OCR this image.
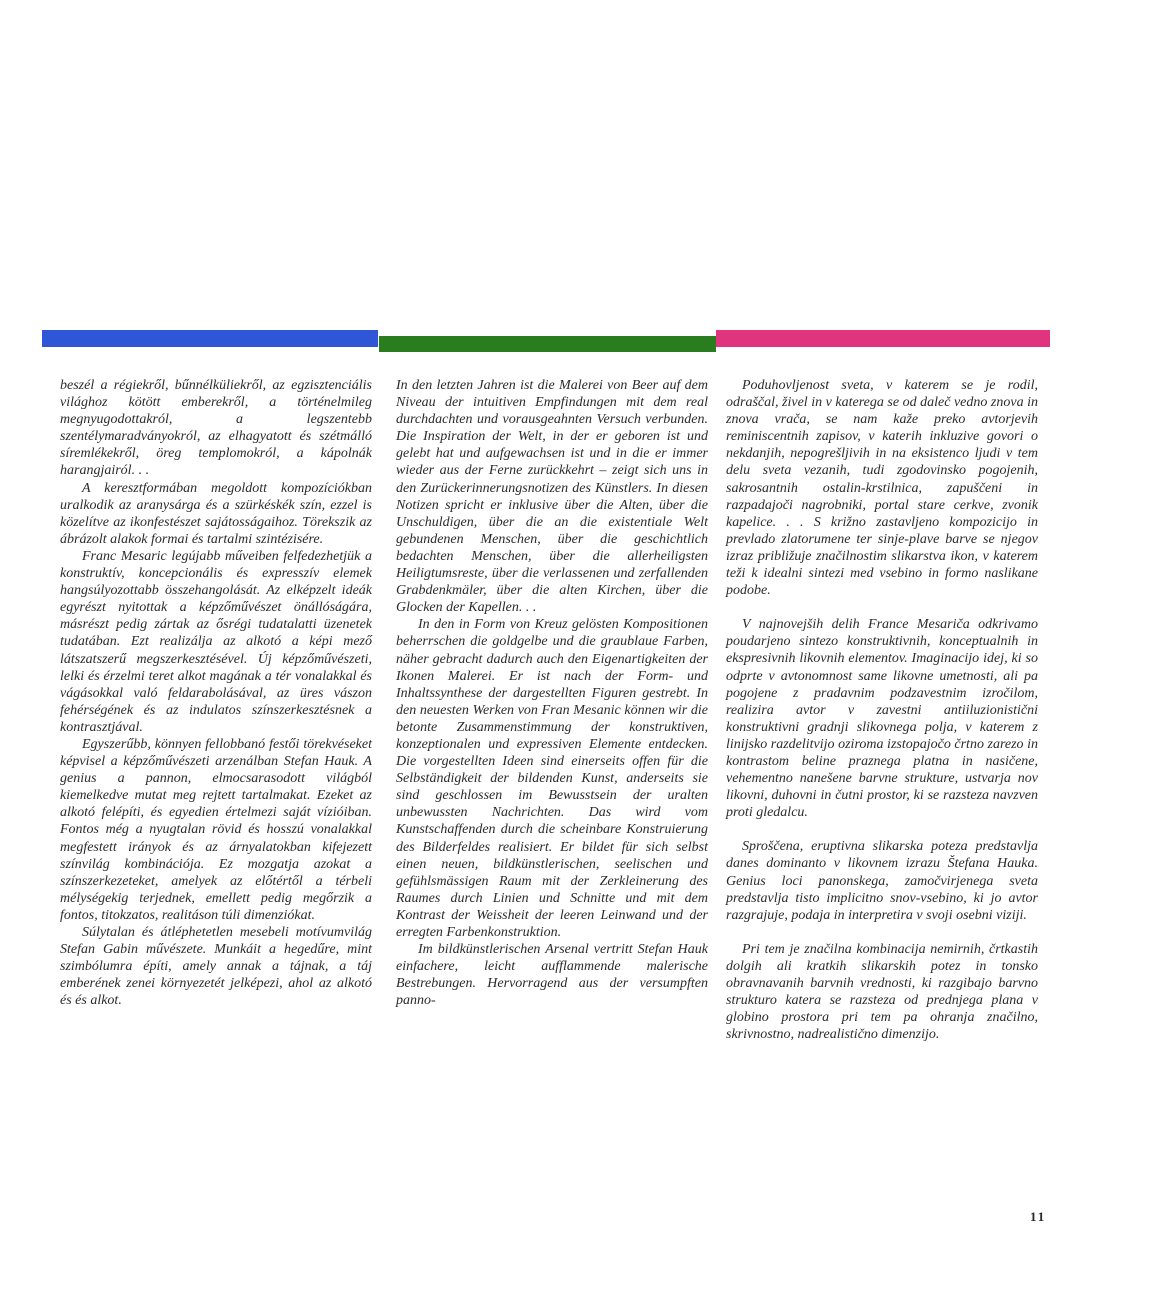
beszél a régiekről, bűnnélküliekről, az egzisztenciális világhoz kötött emberekről, a történelmileg megnyugodottakról, a legszentebb szentélymaradványokról, az elhagyatott és szétmálló síremlékekről, öreg templomokról, a kápolnák harangjairól. . .

A keresztformában megoldott kompozíciókban uralkodik az aranysárga és a szürkéskék szín, ezzel is közelítve az ikonfestészet sajátosságaihoz. Törekszik az ábrázolt alakok formai és tartalmi szintézisére.

Franc Mesaric legújabb műveiben felfedezhetjük a konstruktív, koncepcionális és expresszív elemek hangsúlyozottabb összehangolását. Az elképzelt ideák egyrészt nyitottak a képzőművészet önállóságára, másrészt pedig zártak az ősrégi tudatalatti üzenetek tudatában. Ezt realizálja az alkotó a képi mező látszatszerű megszerkesztésével. Új képzőművészeti, lelki és érzelmi teret alkot magának a tér vonalakkal és vágásokkal való feldarabolásával, az üres vászon fehérségének és az indulatos színszerkesztésnek a kontrasztjával.

Egyszerűbb, könnyen fellobbanó festői törekvéseket képvisel a képzőművészeti arzenálban Stefan Hauk. A genius a pannon, elmocsarasodott világból kiemelkedve mutat meg rejtett tartalmakat. Ezeket az alkotó felépíti, és egyedien értelmezi saját vízióiban. Fontos még a nyugtalan rövid és hosszú vonalakkal megfestett irányok és az árnyalatokban kifejezett színvilág kombinációja. Ez mozgatja azokat a színszerkezeteket, amelyek az előtértől a térbeli mélységekig terjednek, emellett pedig megőrzik a fontos, titokzatos, realitáson túli dimenziókat.

Súlytalan és átléphetetlen mesebeli motívumvilág Stefan Gabin művészete. Munkáit a hegedűre, mint szimbólumra építi, amely annak a tájnak, a táj emberének zenei környezetét jelképezi, ahol az alkotó és és alkot.

In den letzten Jahren ist die Malerei von Beer auf dem Niveau der intuitiven Empfindungen mit dem real durchdachten und vorausgeahnten Versuch verbunden. Die Inspiration der Welt, in der er geboren ist und gelebt hat und aufgewachsen ist und in die er immer wieder aus der Ferne zurückkehrt – zeigt sich uns in den Zurückerinnerungsnotizen des Künstlers. In diesen Notizen spricht er inklusive über die Alten, über die Unschuldigen, über die an die existentiale Welt gebundenen Menschen, über die geschichtlich bedachten Menschen, über die allerheiligsten Heiligtumsreste, über die verlassenen und zerfallenden Grabdenkmäler, über die alten Kirchen, über die Glocken der Kapellen. . .

In den in Form von Kreuz gelösten Kompositionen beherrschen die goldgelbe und die graublaue Farben, näher gebracht dadurch auch den Eigenartigkeiten der Ikonen Malerei. Er ist nach der Form- und Inhaltssynthese der dargestellten Figuren gestrebt. In den neuesten Werken von Fran Mesanic können wir die betonte Zusammenstimmung der konstruktiven, konzeptionalen und expressiven Elemente entdecken. Die vorgestellten Ideen sind einerseits offen für die Selbständigkeit der bildenden Kunst, anderseits sie sind geschlossen im Bewusstsein der uralten unbewussten Nachrichten. Das wird vom Kunstschaffenden durch die scheinbare Konstruierung des Bilderfeldes realisiert. Er bildet für sich selbst einen neuen, bildkünstlerischen, seelischen und gefühlsmässigen Raum mit der Zerkleinerung des Raumes durch Linien und Schnitte und mit dem Kontrast der Weissheit der leeren Leinwand und der erregten Farbenkonstruktion.

Im bildkünstlerischen Arsenal vertritt Stefan Hauk einfachere, leicht aufflammende malerische Bestrebungen. Hervorragend aus der versumpften panno-

Poduhovljenost sveta, v katerem se je rodil, odraščal, živel in v katerega se od daleč vedno znova in znova vrača, se nam kaže preko avtorjevih reminiscentnih zapisov, v katerih inkluzive govori o nekdanjih, nepogrešljivih in na eksistenco ljudi v tem delu sveta vezanih, tudi zgodovinsko pogojenih, sakrosantnih ostalin-krstilnica, zapuščeni in razpadajoči nagrobniki, portal stare cerkve, zvonik kapelice. . . S križno zastavljeno kompozicijo in prevlado zlatorumene ter sinje-plave barve se njegov izraz približuje značilnostim slikarstva ikon, v katerem teži k idealni sintezi med vsebino in formo naslikane podobe.

V najnovejših delih France Mesariča odkrivamo poudarjeno sintezo konstruktivnih, konceptualnih in ekspresivnih likovnih elementov. Imaginacijo idej, ki so odprte v avtonomnost same likovne umetnosti, ali pa pogojene z pradavnim podzavestnim izročilom, realizira avtor v zavestni antiiluzionistični konstruktivni gradnji slikovnega polja, v katerem z linijsko razdelitvijo oziroma izstopajočo črtno zarezo in kontrastom beline praznega platna in nasičene, vehementno nanešene barvne strukture, ustvarja nov likovni, duhovni in čutni prostor, ki se razsteza navzven proti gledalcu.

Sproščena, eruptivna slikarska poteza predstavlja danes dominanto v likovnem izrazu Štefana Hauka. Genius loci panonskega, zamočvirjenega sveta predstavlja tisto implicitno snov-vsebino, ki jo avtor razgrajuje, podaja in interpretira v svoji osebni viziji.

Pri tem je značilna kombinacija nemirnih, črtkastih dolgih ali kratkih slikarskih potez in tonsko obravnavanih barvnih vrednosti, ki razgibajo barvno strukturo katera se razsteza od prednjega plana v globino prostora pri tem pa ohranja značilno, skrivnostno, nadrealistično dimenzijo.

11
